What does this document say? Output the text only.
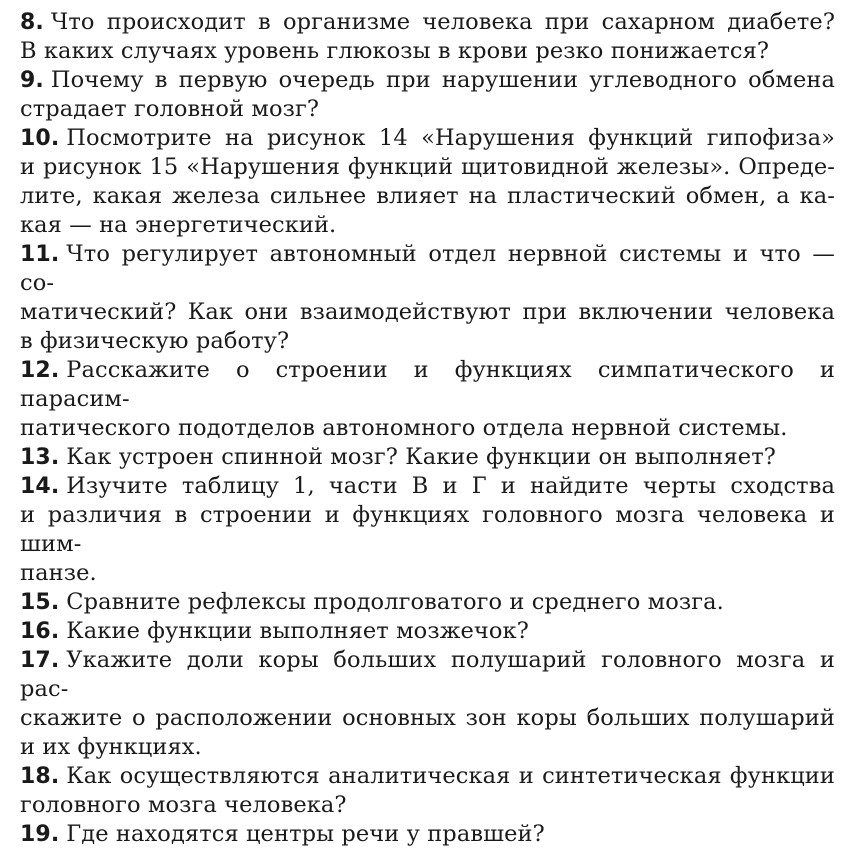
8. Что происходит в организме человека при сахарном диабете?
В каких случаях уровень глюкозы в крови резко понижается?

9. Почему в первую очередь при нарушении углеводного обмена
страдает головной мозг?

10. Посмотрите на рисунок 14 «Нарушения функций гипофиза»
и рисунок 15 «Нарушения функций щитовидной железы». Опреде-
лите, какая железа сильнее влияет на пластический обмен, а ка-
кая — на энергетический.

11. Что регулирует автономный отдел нервной системы и что — со-
матический? Как они взаимодействуют при включении человека
в физическую работу?

12. Расскажите о строении и функциях симпатического и парасим-
патического подотделов автономного отдела нервной системы.

13. Как устроен спинной мозг? Какие функции он выполняет?

14. Изучите таблицу 1, части В и Г и найдите черты сходства
и различия в строении и функциях головного мозга человека и шим-
панзе.

15. Сравните рефлексы продолговатого и среднего мозга.

16. Какие функции выполняет мозжечок?

17. Укажите доли коры больших полушарий головного мозга и рас-
скажите о расположении основных зон коры больших полушарий
и их функциях.

18. Как осуществляются аналитическая и синтетическая функции
головного мозга человека?

19. Где находятся центры речи у правшей?
